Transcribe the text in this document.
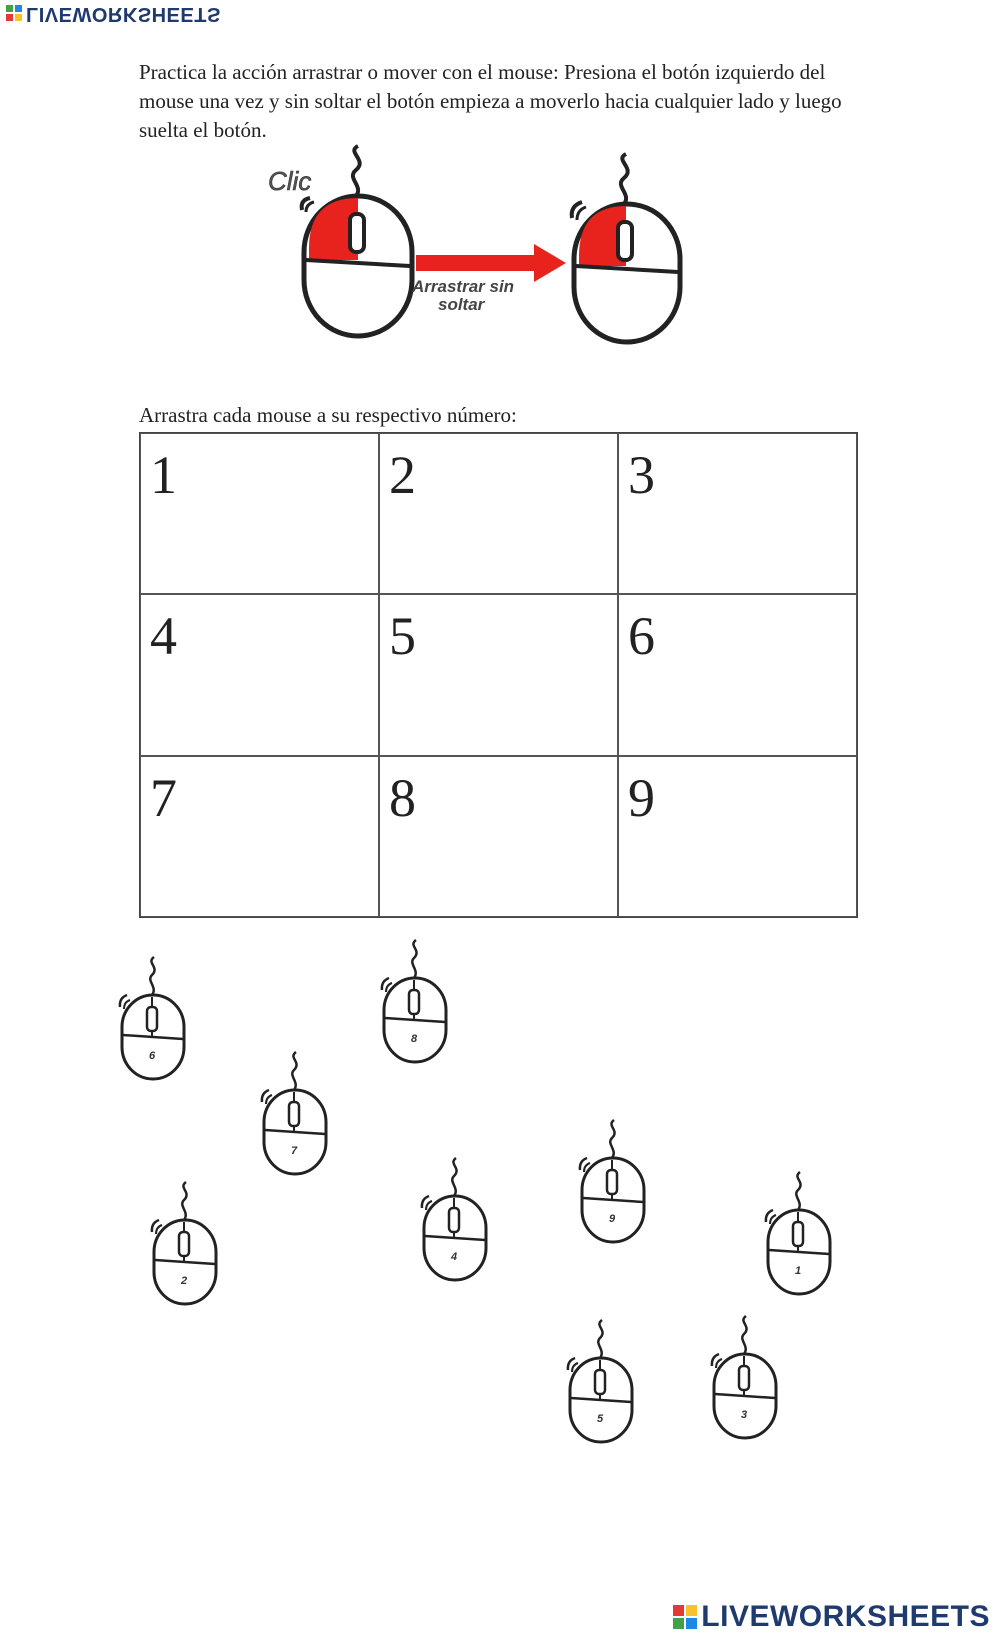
LIVEWORKSHEETS

Practica la acción arrastrar o mover con el mouse: Presiona el botón izquierdo del mouse una vez y sin soltar el botón empieza a moverlo hacia cualquier lado y luego suelta el botón.

Clic
Arrastrar sin
soltar

Arrastra cada mouse a su respectivo número:

1	2	3
4	5	6
7	8	9
6
8
7
9
2
4
1
5	3
LIVEWORKSHEETS
